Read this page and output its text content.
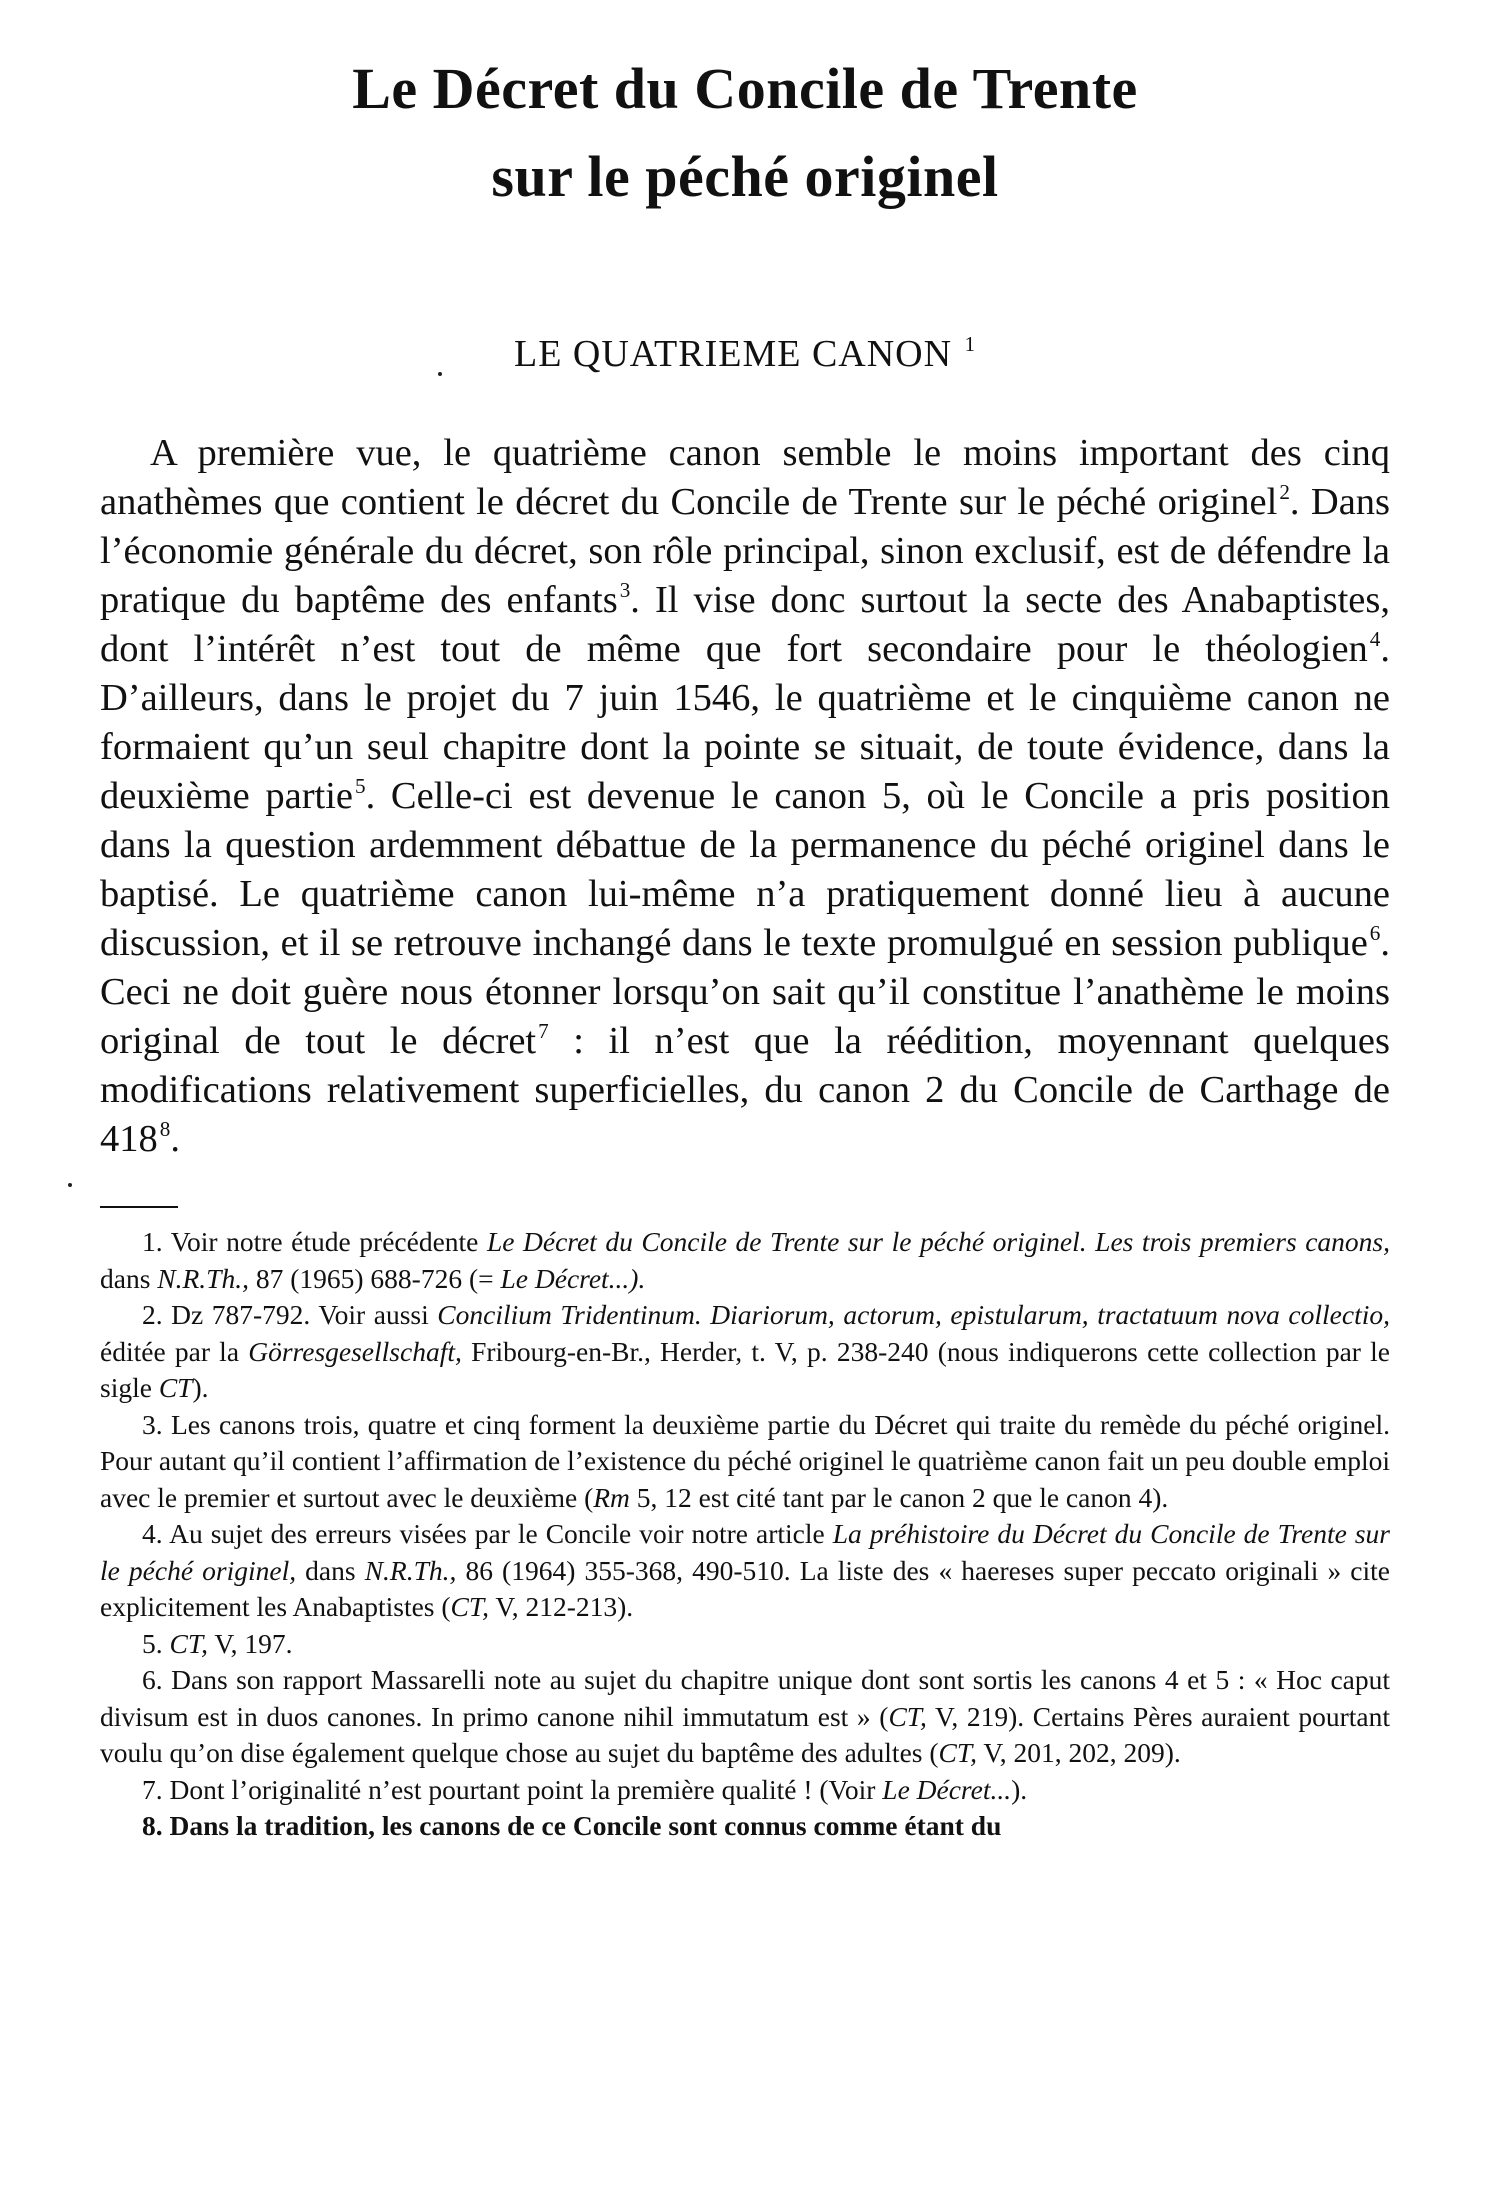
Le Décret du Concile de Trente
sur le péché originel
LE QUATRIEME CANON $^1$

A première vue, le quatrième canon semble le moins important des cinq anathèmes que contient le décret du Concile de Trente sur le péché originel$^2$. Dans l’économie générale du décret, son rôle principal, sinon exclusif, est de défendre la pratique du baptême des enfants$^3$. Il vise donc surtout la secte des Anabaptistes, dont l’intérêt n’est tout de même que fort secondaire pour le théologien$^4$. D’ailleurs, dans le projet du 7 juin 1546, le quatrième et le cinquième canon ne formaient qu’un seul chapitre dont la pointe se situait, de toute évidence, dans la deuxième partie$^5$. Celle-ci est devenue le canon 5, où le Concile a pris position dans la question ardemment débattue de la permanence du péché originel dans le baptisé. Le quatrième canon lui-même n’a pratiquement donné lieu à aucune discussion, et il se retrouve inchangé dans le texte promulgué en session publique$^6$. Ceci ne doit guère nous étonner lorsqu’on sait qu’il constitue l’anathème le moins original de tout le décret$^7$ : il n’est que la réédition, moyennant quelques modifications relativement superficielles, du canon 2 du Concile de Carthage de $418^8$.

1. Voir notre étude précédente Le Décret du Concile de Trente sur le péché originel. Les trois premiers canons, dans N.R.Th., 87 (1965) 688-726 (= Le Décret...).

2. Dz 787-792. Voir aussi Concilium Tridentinum. Diariorum, actorum, epistularum, tractatuum nova collectio, éditée par la Görresgesellschaft, Fribourg-en-Br., Herder, t. V, p. 238-240 (nous indiquerons cette collection par le sigle CT).

3. Les canons trois, quatre et cinq forment la deuxième partie du Décret qui traite du remède du péché originel. Pour autant qu’il contient l’affirmation de l’existence du péché originel le quatrième canon fait un peu double emploi avec le premier et surtout avec le deuxième (Rm 5, 12 est cité tant par le canon 2 que le canon 4).

4. Au sujet des erreurs visées par le Concile voir notre article La préhistoire du Décret du Concile de Trente sur le péché originel, dans N.R.Th., 86 (1964) 355-368, 490-510. La liste des « haereses super peccato originali » cite explicitement les Anabaptistes (CT, V, 212-213).

5. CT, V, 197.

6. Dans son rapport Massarelli note au sujet du chapitre unique dont sont sortis les canons 4 et 5 : « Hoc caput divisum est in duos canones. In primo canone nihil immutatum est » (CT, V, 219). Certains Pères auraient pourtant voulu qu’on dise également quelque chose au sujet du baptême des adultes (CT, V, 201, 202, 209).

7. Dont l’originalité n’est pourtant point la première qualité ! (Voir Le Décret...).

8. Dans la tradition, les canons de ce Concile sont connus comme étant du
